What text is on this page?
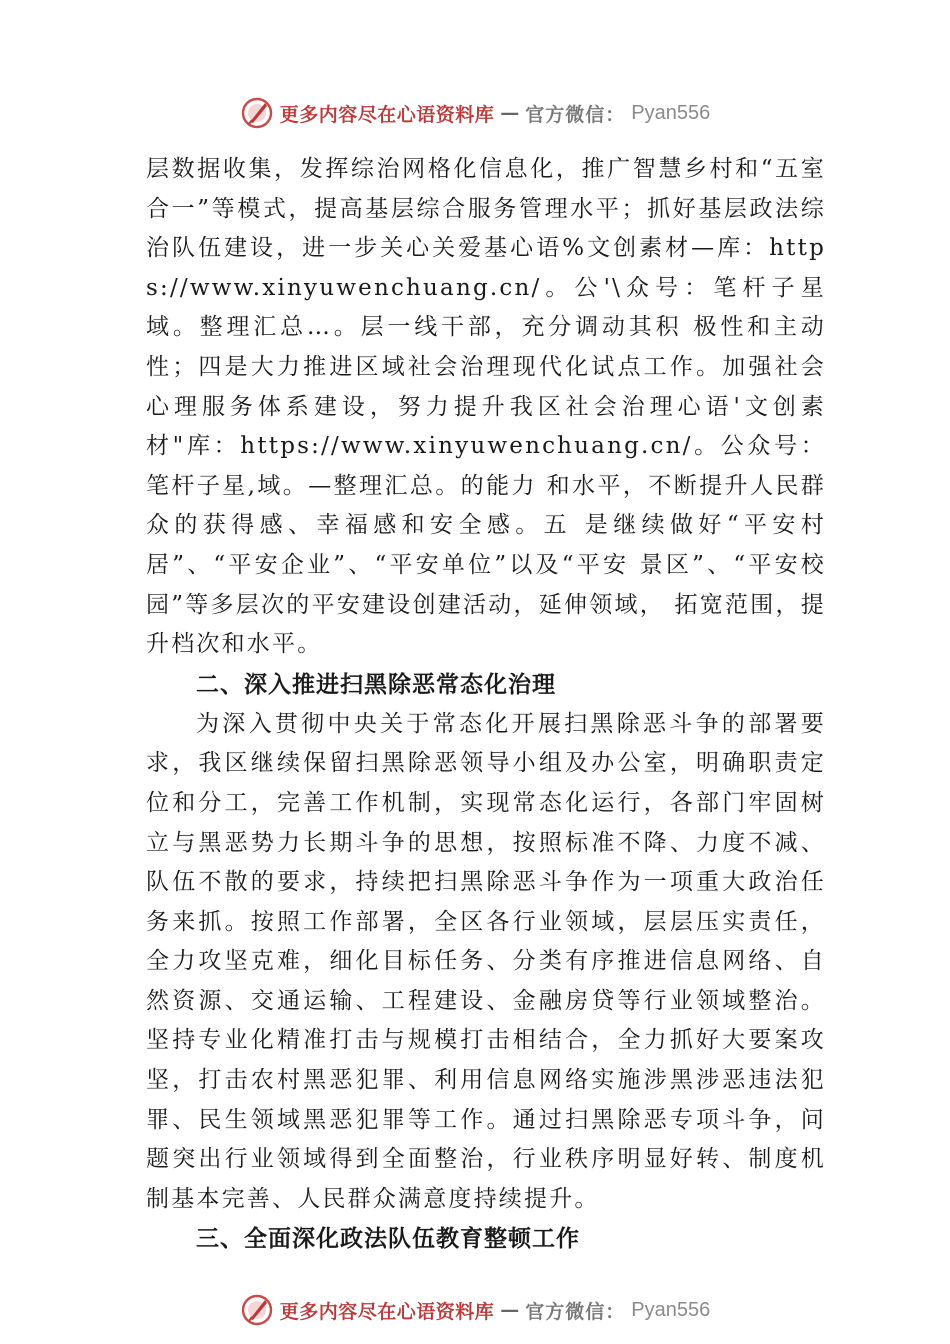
更多内容尽在心语资料库 — 官方微信： Pyan556

层数据收集，发挥综治网格化信息化，推广智慧乡村和“五室 合一”等模式，提高基层综合服务管理水平；抓好基层政法综 治队伍建设，进一步关心关爱基心语%文创素材—库：https://www.xinyuwenchuang.cn/。公'\众号：笔杆子星域。整理汇总…。层一线干部，充分调动其积 极性和主动性；四是大力推进区域社会治理现代化试点工作。加强社会心理服务体系建设，努力提升我区社会治理心语'文创素材"库：https://www.xinyuwenchuang.cn/。公众号：笔杆子星,域。—整理汇总。的能力 和水平，不断提升人民群众的获得感、幸福感和安全感。五 是继续做好“平安村居”、“平安企业”、“平安单位”以及“平安 景区”、“平安校园”等多层次的平安建设创建活动，延伸领域， 拓宽范围，提升档次和水平。

二、深入推进扫黑除恶常态化治理

为深入贯彻中央关于常态化开展扫黑除恶斗争的部署要求，我区继续保留扫黑除恶领导小组及办公室，明确职责定位和分工，完善工作机制，实现常态化运行，各部门牢固树立与黑恶势力长期斗争的思想，按照标准不降、力度不减、队伍不散的要求，持续把扫黑除恶斗争作为一项重大政治任务来抓。按照工作部署，全区各行业领域，层层压实责任， 全力攻坚克难，细化目标任务、分类有序推进信息网络、自然资源、交通运输、工程建设、金融房贷等行业领域整治。 坚持专业化精准打击与规模打击相结合，全力抓好大要案攻坚，打击农村黑恶犯罪、利用信息网络实施涉黑涉恶违法犯罪、民生领域黑恶犯罪等工作。通过扫黑除恶专项斗争，问题突出行业领域得到全面整治，行业秩序明显好转、制度机制基本完善、人民群众满意度持续提升。

三、全面深化政法队伍教育整顿工作

更多内容尽在心语资料库 — 官方微信： Pyan556
